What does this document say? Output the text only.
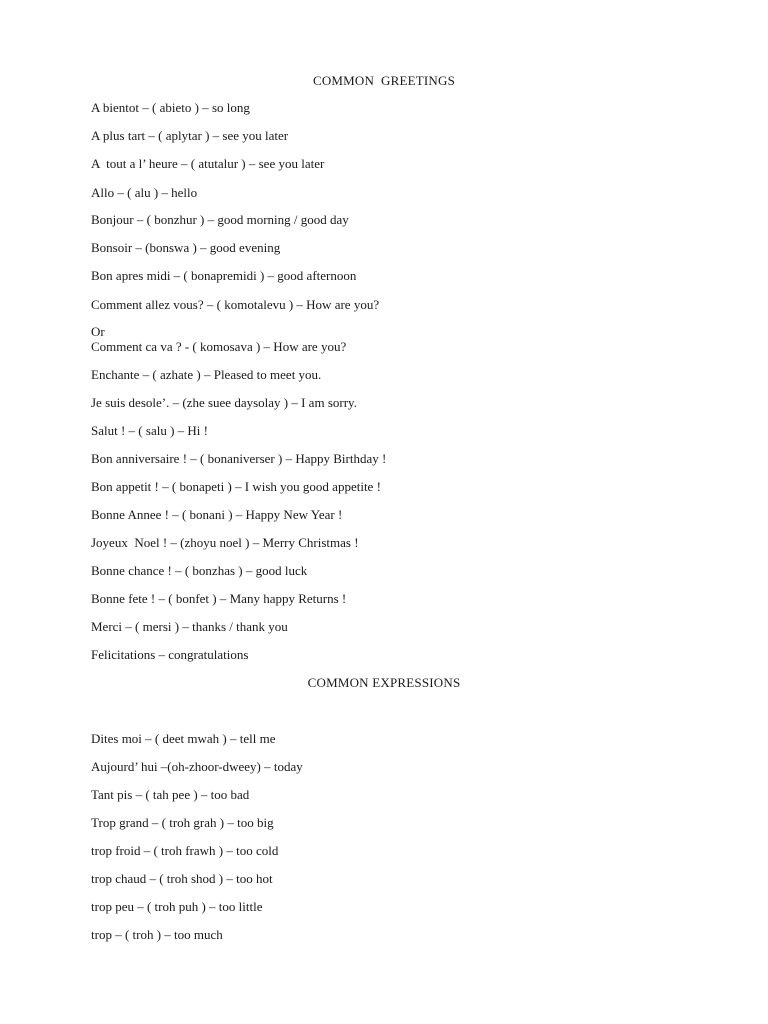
COMMON  GREETINGS
A bientot – ( abieto ) – so long
A plus tart – ( aplytar ) – see you later
A  tout a l’ heure – ( atutalur ) – see you later
Allo – ( alu ) – hello
Bonjour – ( bonzhur ) – good morning / good day
Bonsoir – (bonswa ) – good evening
Bon apres midi – ( bonapremidi ) – good afternoon
Comment allez vous? – ( komotalevu ) – How are you?
Or
Comment ca va ? - ( komosava ) – How are you?
Enchante – ( azhate ) – Pleased to meet you.
Je suis desole’. – (zhe suee daysolay ) – I am sorry.
Salut ! – ( salu ) – Hi !
Bon anniversaire ! – ( bonaniverser ) – Happy Birthday !
Bon appetit ! – ( bonapeti ) – I wish you good appetite !
Bonne Annee ! – ( bonani ) – Happy New Year !
Joyeux  Noel ! – (zhoyu noel ) – Merry Christmas !
Bonne chance ! – ( bonzhas ) – good luck
Bonne fete ! – ( bonfet ) – Many happy Returns !
Merci – ( mersi ) – thanks / thank you
Felicitations – congratulations
COMMON EXPRESSIONS
Dites moi – ( deet mwah ) – tell me
Aujourd’ hui –(oh-zhoor-dweey) – today
Tant pis – ( tah pee ) – too bad
Trop grand – ( troh grah ) – too big
trop froid – ( troh frawh ) – too cold
trop chaud – ( troh shod ) – too hot
trop peu – ( troh puh ) – too little
trop – ( troh ) – too much
